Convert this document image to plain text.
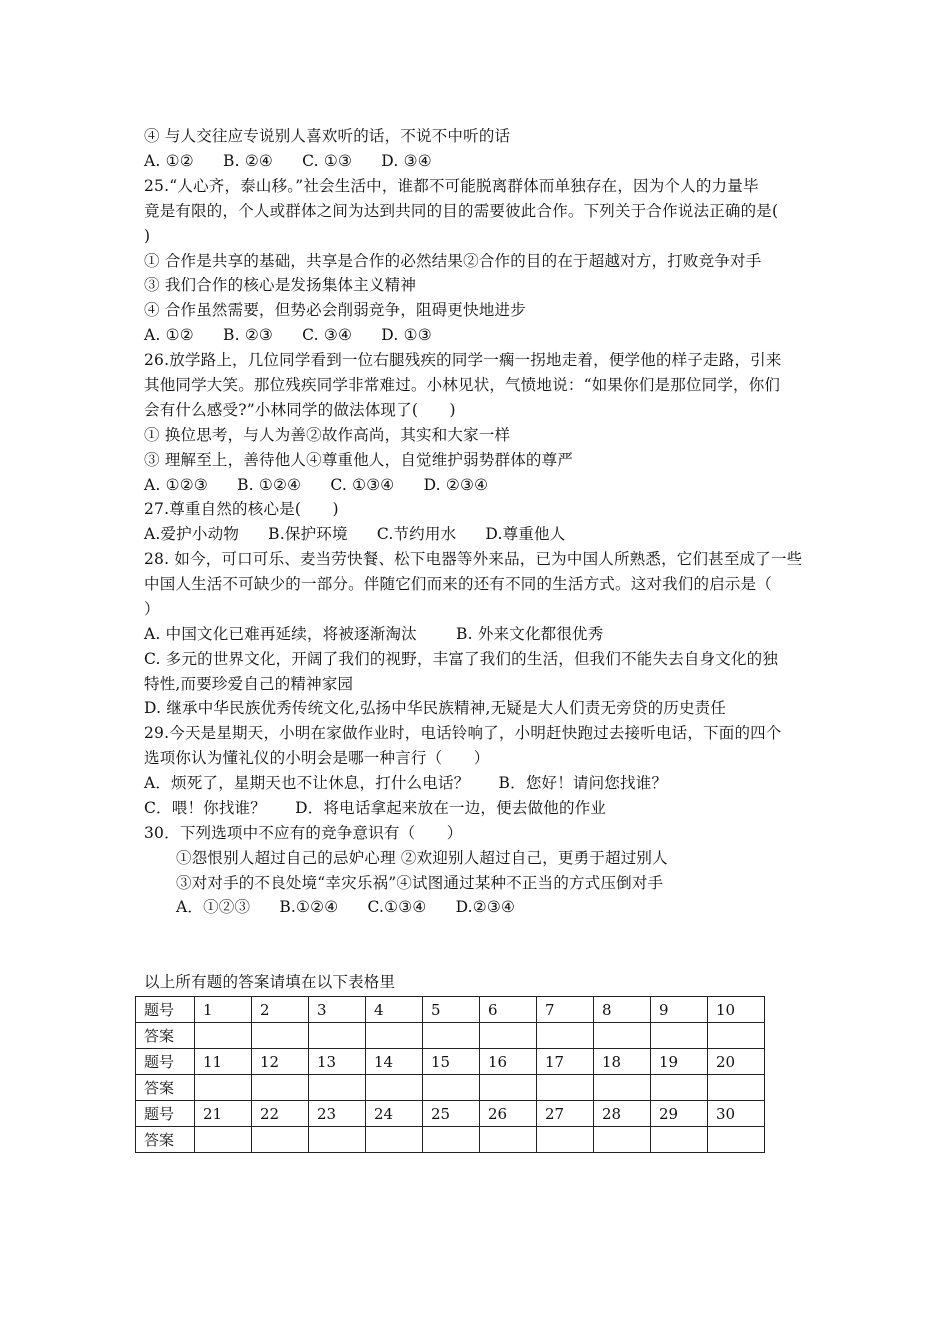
④ 与人交往应专说别人喜欢听的话，不说不中听的话
A. ①② B. ②④ C. ①③ D. ③④
25.“人心齐，泰山移。”社会生活中，谁都不可能脱离群体而单独存在，因为个人的力量毕
竟是有限的，个人或群体之间为达到共同的目的需要彼此合作。下列关于合作说法正确的是(
)
① 合作是共享的基础，共享是合作的必然结果②合作的目的在于超越对方，打败竞争对手
③ 我们合作的核心是发扬集体主义精神
④ 合作虽然需要，但势必会削弱竞争，阻碍更快地进步
A. ①② B. ②③ C. ③④ D. ①③
26.放学路上，几位同学看到一位右腿残疾的同学一瘸一拐地走着，便学他的样子走路，引来
其他同学大笑。那位残疾同学非常难过。小林见状，气愤地说：“如果你们是那位同学，你们
会有什么感受?”小林同学的做法体现了(　　)
① 换位思考，与人为善②故作高尚，其实和大家一样
③ 理解至上，善待他人④尊重他人，自觉维护弱势群体的尊严
A. ①②③ B. ①②④ C. ①③④ D. ②③④
27.尊重自然的核心是(　　)
A.爱护小动物 B.保护环境 C.节约用水 D.尊重他人
28. 如今，可口可乐、麦当劳快餐、松下电器等外来品，已为中国人所熟悉，它们甚至成了一些
中国人生活不可缺少的一部分。伴随它们而来的还有不同的生活方式。这对我们的启示是（
）
A. 中国文化已难再延续，将被逐渐淘汰	B. 外来文化都很优秀
C. 多元的世界文化，开阔了我们的视野，丰富了我们的生活，但我们不能失去自身文化的独
特性,而要珍爱自己的精神家园
D. 继承中华民族优秀传统文化,弘扬中华民族精神,无疑是大人们责无旁贷的历史责任
29.今天是星期天，小明在家做作业时，电话铃响了，小明赶快跑过去接听电话，下面的四个
选项你认为懂礼仪的小明会是哪一种言行（　　）
A．烦死了，星期天也不让休息，打什么电话？ B．您好！请问您找谁？
C．喂！你找谁？ D．将电话拿起来放在一边，便去做他的作业
30．下列选项中不应有的竞争意识有（　　）
①怨恨别人超过自己的忌妒心理 ②欢迎别人超过自己，更勇于超过别人
③对对手的不良处境“幸灾乐祸”④试图通过某种不正当的方式压倒对手
A．①②③ B.①②④ C.①③④ D.②③④
以上所有题的答案请填在以下表格里
题号	1	2	3	4	5	6	7	8	9	10
答案										
题号	11	12	13	14	15	16	17	18	19	20
答案										
题号	21	22	23	24	25	26	27	28	29	30
答案										
